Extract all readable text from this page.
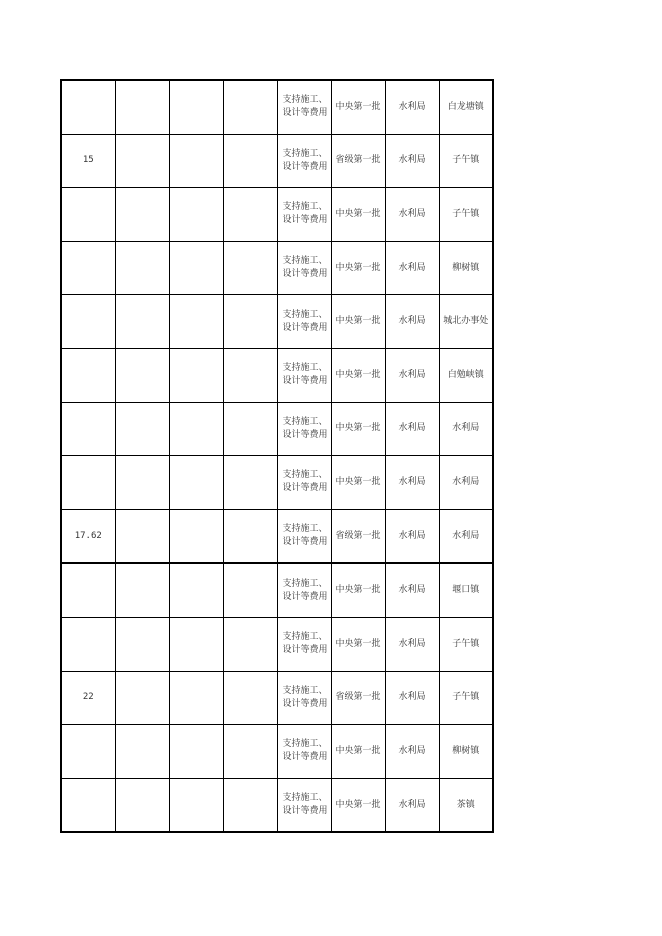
				支持施工、设计等费用	中央第一批	水利局	白龙塘镇
15				支持施工、设计等费用	省级第一批	水利局	子午镇
				支持施工、设计等费用	中央第一批	水利局	子午镇
				支持施工、设计等费用	中央第一批	水利局	柳树镇
				支持施工、设计等费用	中央第一批	水利局	城北办事处
				支持施工、设计等费用	中央第一批	水利局	白勉峡镇
				支持施工、设计等费用	中央第一批	水利局	水利局
				支持施工、设计等费用	中央第一批	水利局	水利局
17.62				支持施工、设计等费用	省级第一批	水利局	水利局
				支持施工、设计等费用	中央第一批	水利局	堰口镇
				支持施工、设计等费用	中央第一批	水利局	子午镇
22				支持施工、设计等费用	省级第一批	水利局	子午镇
				支持施工、设计等费用	中央第一批	水利局	柳树镇
				支持施工、设计等费用	中央第一批	水利局	茶镇
